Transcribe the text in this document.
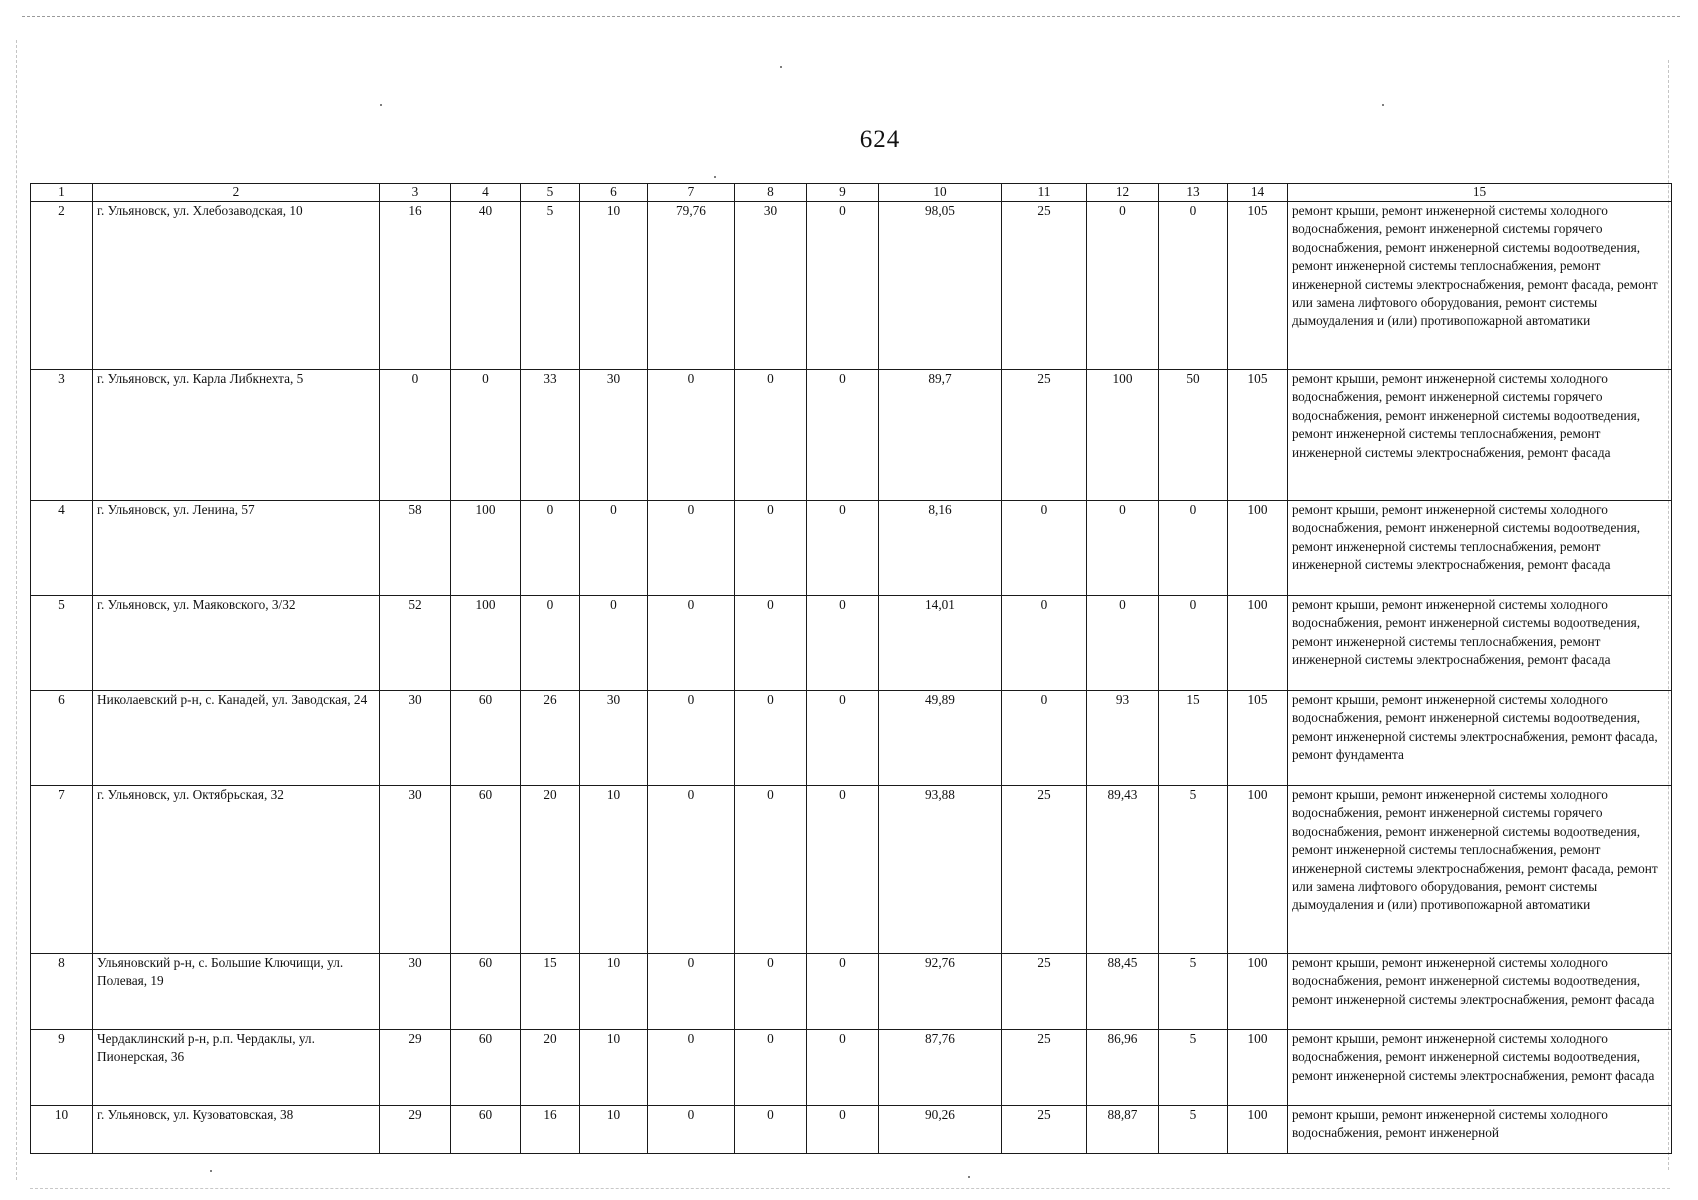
624
1	2	3	4	5	6	7	8	9	10	11	12	13	14	15
2	г. Ульяновск, ул. Хлебозаводская, 10	16	40	5	10	79,76	30	0	98,05	25	0	0	105	ремонт крыши, ремонт инженерной системы холодного водоснабжения, ремонт инженерной системы горячего водоснабжения, ремонт инженерной системы водоотведения, ремонт инженерной системы теплоснабжения, ремонт инженерной системы электроснабжения, ремонт фасада, ремонт или замена лифтового оборудования, ремонт системы дымоудаления и (или) противопожарной автоматики
3	г. Ульяновск, ул. Карла Либкнехта, 5	0	0	33	30	0	0	0	89,7	25	100	50	105	ремонт крыши, ремонт инженерной системы холодного водоснабжения, ремонт инженерной системы горячего водоснабжения, ремонт инженерной системы водоотведения, ремонт инженерной системы теплоснабжения, ремонт инженерной системы электроснабжения, ремонт фасада
4	г. Ульяновск, ул. Ленина, 57	58	100	0	0	0	0	0	8,16	0	0	0	100	ремонт крыши, ремонт инженерной системы холодного водоснабжения, ремонт инженерной системы водоотведения, ремонт инженерной системы теплоснабжения, ремонт инженерной системы электроснабжения, ремонт фасада
5	г. Ульяновск, ул. Маяковского, 3/32	52	100	0	0	0	0	0	14,01	0	0	0	100	ремонт крыши, ремонт инженерной системы холодного водоснабжения, ремонт инженерной системы водоотведения, ремонт инженерной системы теплоснабжения, ремонт инженерной системы электроснабжения, ремонт фасада
6	Николаевский р-н, с. Канадей, ул. Заводская, 24	30	60	26	30	0	0	0	49,89	0	93	15	105	ремонт крыши, ремонт инженерной системы холодного водоснабжения, ремонт инженерной системы водоотведения, ремонт инженерной системы электроснабжения, ремонт фасада, ремонт фундамента
7	г. Ульяновск, ул. Октябрьская, 32	30	60	20	10	0	0	0	93,88	25	89,43	5	100	ремонт крыши, ремонт инженерной системы холодного водоснабжения, ремонт инженерной системы горячего водоснабжения, ремонт инженерной системы водоотведения, ремонт инженерной системы теплоснабжения, ремонт инженерной системы электроснабжения, ремонт фасада, ремонт или замена лифтового оборудования, ремонт системы дымоудаления и (или) противопожарной автоматики
8	Ульяновский р-н, с. Большие Ключищи, ул. Полевая, 19	30	60	15	10	0	0	0	92,76	25	88,45	5	100	ремонт крыши, ремонт инженерной системы холодного водоснабжения, ремонт инженерной системы водоотведения, ремонт инженерной системы электроснабжения, ремонт фасада
9	Чердаклинский р-н, р.п. Чердаклы, ул. Пионерская, 36	29	60	20	10	0	0	0	87,76	25	86,96	5	100	ремонт крыши, ремонт инженерной системы холодного водоснабжения, ремонт инженерной системы водоотведения, ремонт инженерной системы электроснабжения, ремонт фасада
10	г. Ульяновск, ул. Кузоватовская, 38	29	60	16	10	0	0	0	90,26	25	88,87	5	100	ремонт крыши, ремонт инженерной системы холодного водоснабжения, ремонт инженерной
